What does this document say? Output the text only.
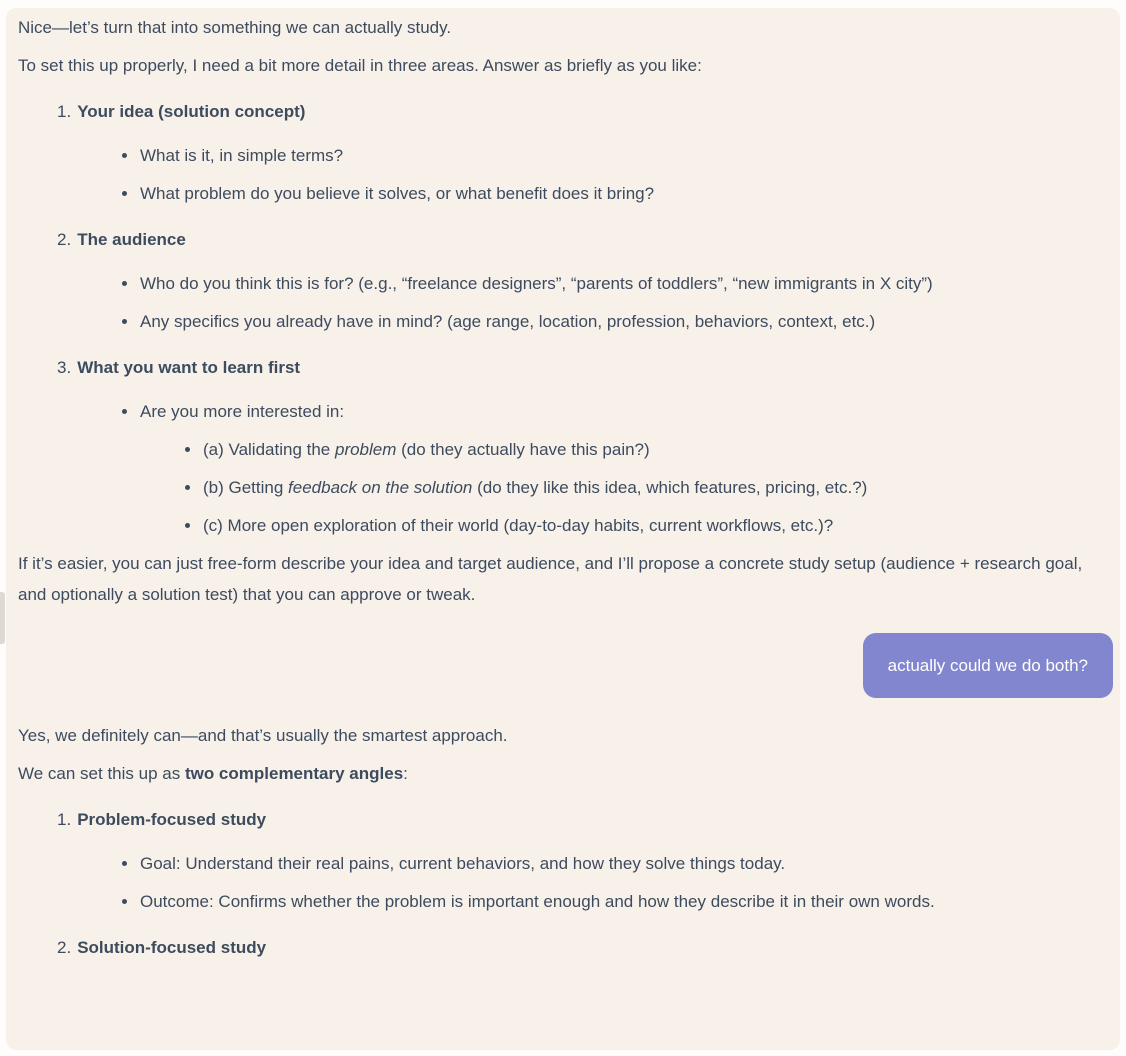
Nice—let’s turn that into something we can actually study.

To set this up properly, I need a bit more detail in three areas. Answer as briefly as you like:

1. Your idea (solution concept)
What is it, in simple terms?
What problem do you believe it solves, or what benefit does it bring?
2. The audience
Who do you think this is for? (e.g., “freelance designers”, “parents of toddlers”, “new immigrants in X city”)
Any specifics you already have in mind? (age range, location, profession, behaviors, context, etc.)
3. What you want to learn first
Are you more interested in:
(a) Validating the problem (do they actually have this pain?)
(b) Getting feedback on the solution (do they like this idea, which features, pricing, etc.?)
(c) More open exploration of their world (day-to-day habits, current workflows, etc.)?

If it’s easier, you can just free-form describe your idea and target audience, and I’ll propose a concrete study setup (audience + research goal, and optionally a solution test) that you can approve or tweak.

actually could we do both?

Yes, we definitely can—and that’s usually the smartest approach.

We can set this up as two complementary angles:

1. Problem-focused study
Goal: Understand their real pains, current behaviors, and how they solve things today.
Outcome: Confirms whether the problem is important enough and how they describe it in their own words.
2. Solution-focused study
